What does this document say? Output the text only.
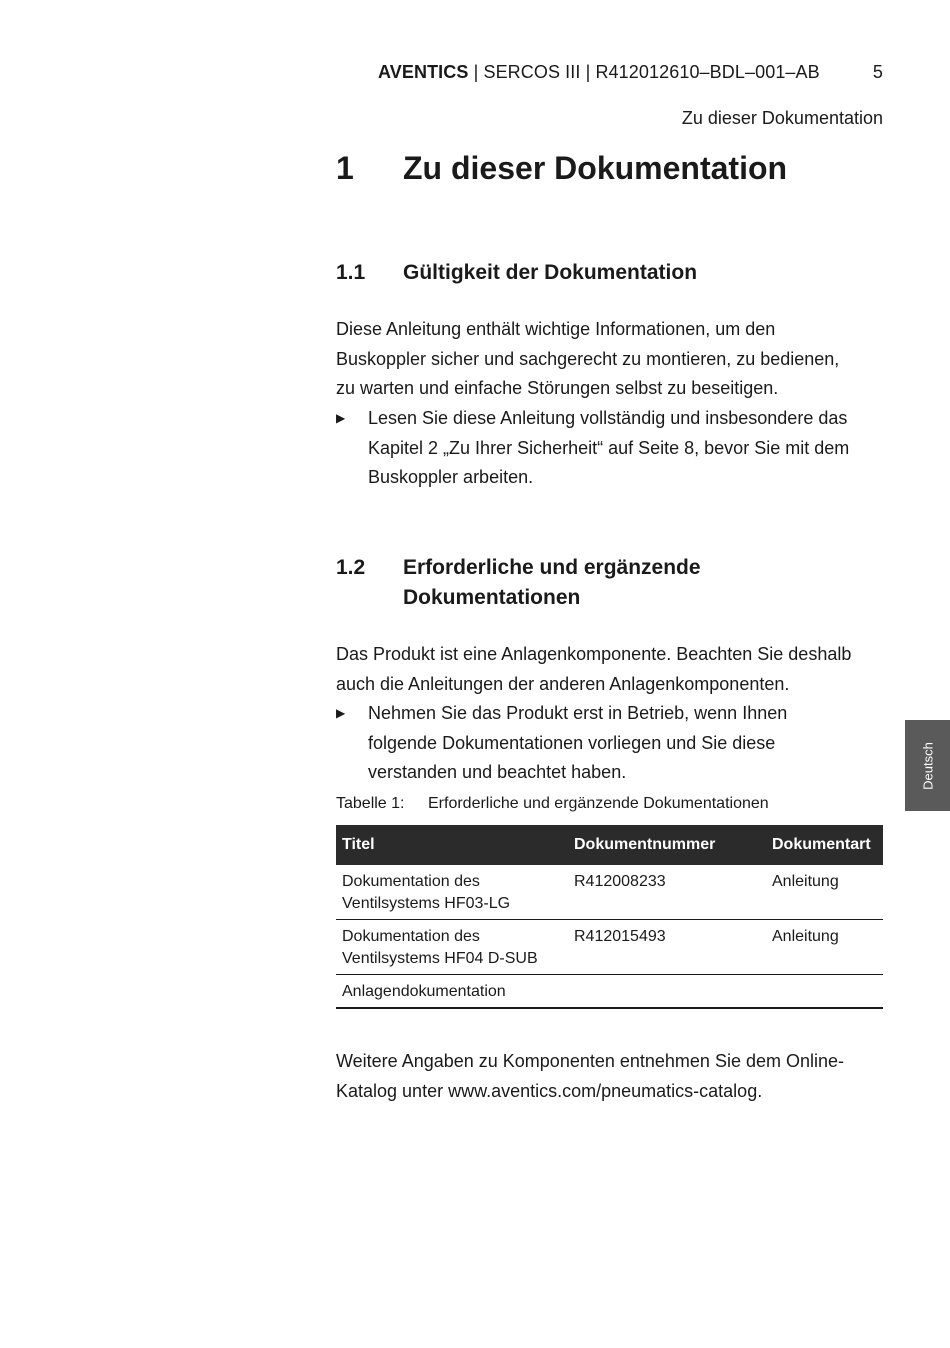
AVENTICS | SERCOS III | R412012610–BDL–001–AB	5
Zu dieser Dokumentation
1 Zu dieser Dokumentation
1.1 Gültigkeit der Dokumentation
Diese Anleitung enthält wichtige Informationen, um den
Buskoppler sicher und sachgerecht zu montieren, zu bedienen,
zu warten und einfache Störungen selbst zu beseitigen.
▶ Lesen Sie diese Anleitung vollständig und insbesondere das
Kapitel 2 „Zu Ihrer Sicherheit“ auf Seite 8, bevor Sie mit dem
Buskoppler arbeiten.
1.2 Erforderliche und ergänzende
Dokumentationen
Das Produkt ist eine Anlagenkomponente. Beachten Sie deshalb
auch die Anleitungen der anderen Anlagenkomponenten.
▶ Nehmen Sie das Produkt erst in Betrieb, wenn Ihnen
folgende Dokumentationen vorliegen und Sie diese
verstanden und beachtet haben.
Tabelle 1: Erforderliche und ergänzende Dokumentationen
Titel	Dokumentnummer	Dokumentart

Dokumentation des
Ventilsystems HF03-LG	R412008233	Anleitung

Dokumentation des
Ventilsystems HF04 D-SUB	R412015493	Anleitung
Anlagendokumentation		
Weitere Angaben zu Komponenten entnehmen Sie dem Online-
Katalog unter www.aventics.com/pneumatics-catalog.
Deutsch
